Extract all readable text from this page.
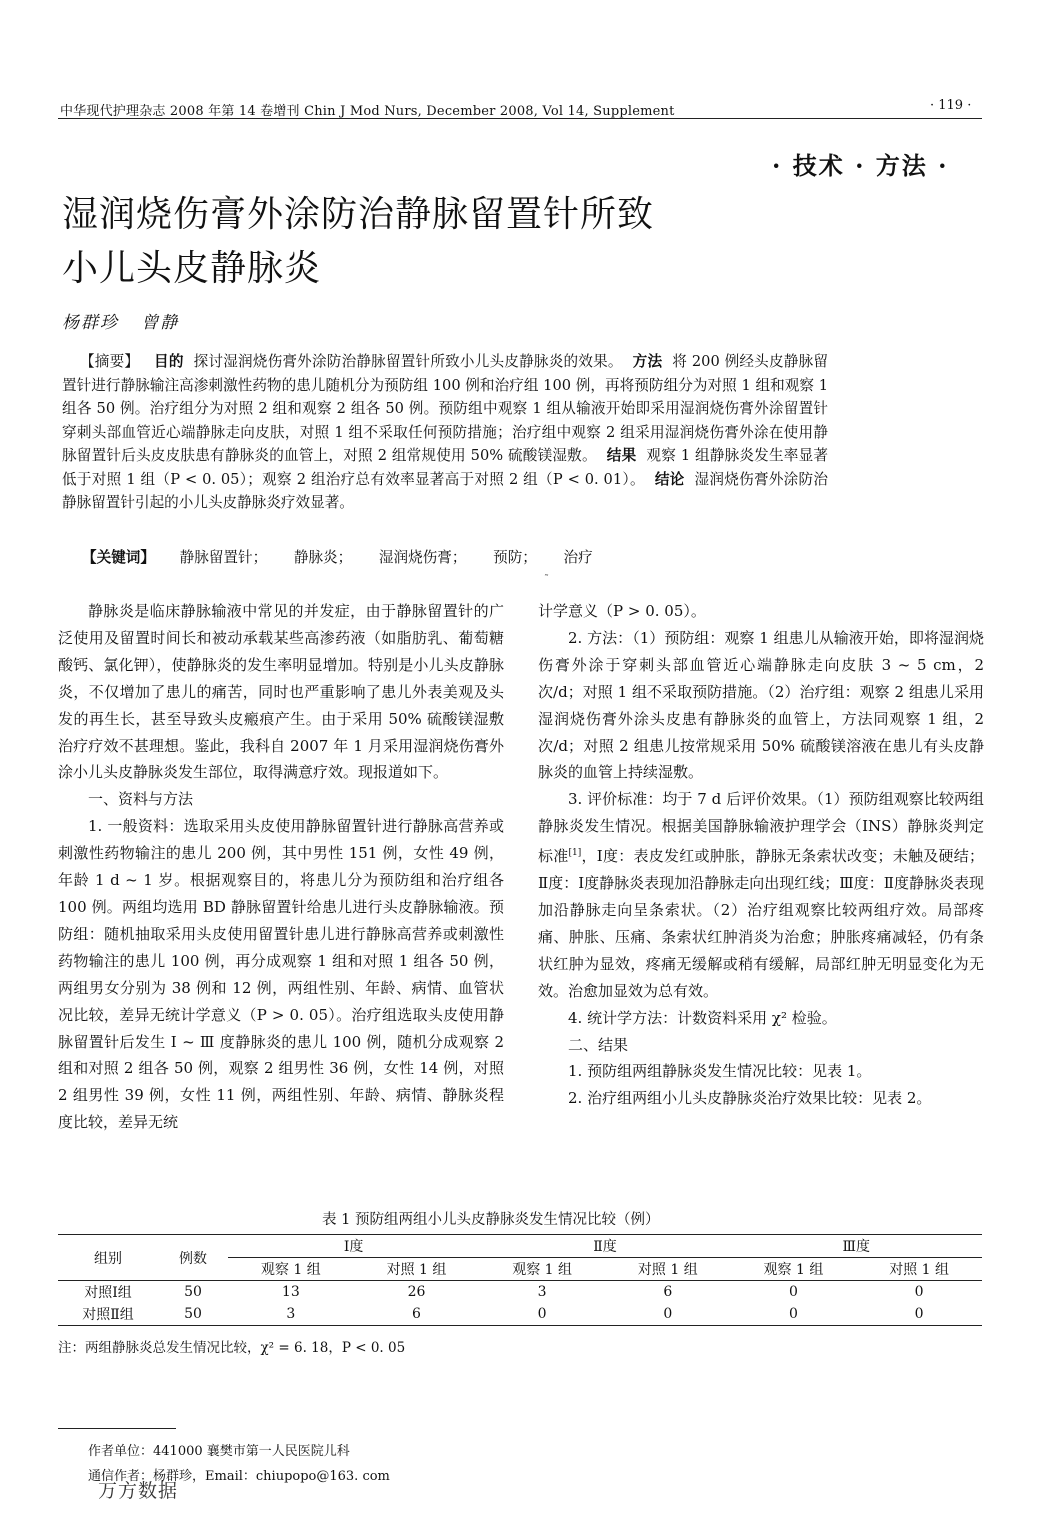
中华现代护理杂志 2008 年第 14 卷增刊 Chin J Mod Nurs, December 2008, Vol 14, Supplement	· 119 ·
· 技术 · 方法 ·
湿润烧伤膏外涂防治静脉留置针所致
小儿头皮静脉炎
杨群珍   曾静
【摘要】 目的 探讨湿润烧伤膏外涂防治静脉留置针所致小儿头皮静脉炎的效果。 方法 将 200 例经头皮静脉留置针进行静脉输注高渗刺激性药物的患儿随机分为预防组 100 例和治疗组 100 例，再将预防组分为对照 1 组和观察 1 组各 50 例。治疗组分为对照 2 组和观察 2 组各 50 例。预防组中观察 1 组从输液开始即采用湿润烧伤膏外涂留置针穿刺头部血管近心端静脉走向皮肤，对照 1 组不采取任何预防措施；治疗组中观察 2 组采用湿润烧伤膏外涂在使用静脉留置针后头皮皮肤患有静脉炎的血管上，对照 2 组常规使用 50% 硫酸镁湿敷。 结果 观察 1 组静脉炎发生率显著低于对照 1 组（P < 0. 05）；观察 2 组治疗总有效率显著高于对照 2 组（P < 0. 01）。 结论 湿润烧伤膏外涂防治静脉留置针引起的小儿头皮静脉炎疗效显著。
【关键词】 静脉留置针； 静脉炎； 湿润烧伤膏； 预防； 治疗
˜

静脉炎是临床静脉输液中常见的并发症，由于静脉留置针的广泛使用及留置时间长和被动承载某些高渗药液（如脂肪乳、葡萄糖酸钙、氯化钾），使静脉炎的发生率明显增加。特别是小儿头皮静脉炎，不仅增加了患儿的痛苦，同时也严重影响了患儿外表美观及头发的再生长，甚至导致头皮瘢痕产生。由于采用 50% 硫酸镁湿敷治疗疗效不甚理想。鉴此，我科自 2007 年 1 月采用湿润烧伤膏外涂小儿头皮静脉炎发生部位，取得满意疗效。现报道如下。

一、资料与方法

1. 一般资料：选取采用头皮使用静脉留置针进行静脉高营养或刺激性药物输注的患儿 200 例，其中男性 151 例，女性 49 例，年龄 1 d ~ 1 岁。根据观察目的，将患儿分为预防组和治疗组各 100 例。两组均选用 BD 静脉留置针给患儿进行头皮静脉输液。预防组：随机抽取采用头皮使用留置针患儿进行静脉高营养或刺激性药物输注的患儿 100 例，再分成观察 1 组和对照 1 组各 50 例，两组男女分别为 38 例和 12 例，两组性别、年龄、病情、血管状况比较，差异无统计学意义（P > 0. 05）。治疗组选取头皮使用静脉留置针后发生 Ⅰ ~ Ⅲ 度静脉炎的患儿 100 例，随机分成观察 2 组和对照 2 组各 50 例，观察 2 组男性 36 例，女性 14 例，对照 2 组男性 39 例，女性 11 例，两组性别、年龄、病情、静脉炎程度比较，差异无统

计学意义（P > 0. 05）。

2. 方法：（1）预防组：观察 1 组患儿从输液开始，即将湿润烧伤膏外涂于穿刺头部血管近心端静脉走向皮肤 3 ~ 5 cm，2 次/d；对照 1 组不采取预防措施。（2）治疗组：观察 2 组患儿采用湿润烧伤膏外涂头皮患有静脉炎的血管上，方法同观察 1 组，2 次/d；对照 2 组患儿按常规采用 50% 硫酸镁溶液在患儿有头皮静脉炎的血管上持续湿敷。

3. 评价标准：均于 7 d 后评价效果。（1）预防组观察比较两组静脉炎发生情况。根据美国静脉输液护理学会（INS）静脉炎判定标准[1]，Ⅰ度：表皮发红或肿胀，静脉无条索状改变；未触及硬结；Ⅱ度：Ⅰ度静脉炎表现加沿静脉走向出现红线；Ⅲ度：Ⅱ度静脉炎表现加沿静脉走向呈条索状。（2）治疗组观察比较两组疗效。局部疼痛、肿胀、压痛、条索状红肿消炎为治愈；肿胀疼痛减轻，仍有条状红肿为显效，疼痛无缓解或稍有缓解，局部红肿无明显变化为无效。治愈加显效为总有效。

4. 统计学方法：计数资料采用 χ² 检验。

二、结果

1. 预防组两组静脉炎发生情况比较：见表 1。

2. 治疗组两组小儿头皮静脉炎治疗效果比较：见表 2。

表 1 预防组两组小儿头皮静脉炎发生情况比较（例）
组别	例数	Ⅰ度		Ⅱ度		Ⅲ度	
		观察 1 组	对照 1 组	观察 1 组	对照 1 组	观察 1 组	对照 1 组
对照Ⅰ组	50	13	26	3	6	0	0
对照Ⅱ组	50	3	6	0	0	0	0
注：两组静脉炎总发生情况比较，χ² = 6. 18，P < 0. 05
作者单位：441000 襄樊市第一人民医院儿科
通信作者：杨群珍，Email：chiupopo@163. com
万方数据
